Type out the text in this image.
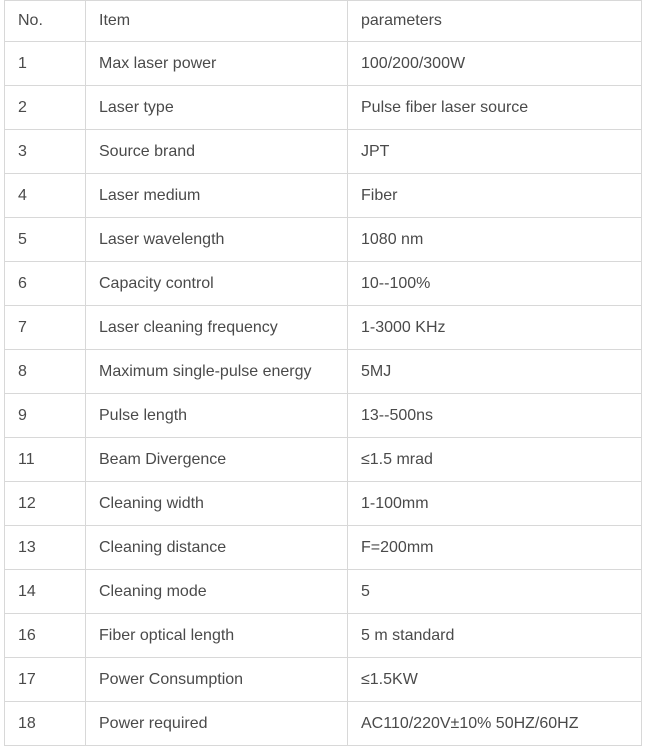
No.	Item	parameters
1	Max laser power	100/200/300W
2	Laser type	Pulse fiber laser source
3	Source brand	JPT
4	Laser medium	Fiber
5	Laser wavelength	1080 nm
6	Capacity control	10--100%
7	Laser cleaning frequency	1-3000 KHz
8	Maximum single-pulse energy	5MJ
9	Pulse length	13--500ns
11	Beam Divergence	≤1.5 mrad
12	Cleaning width	1-100mm
13	Cleaning distance	F=200mm
14	Cleaning mode	5
16	Fiber optical length	5 m standard
17	Power Consumption	≤1.5KW
18	Power required	AC110/220V±10% 50HZ/60HZ
